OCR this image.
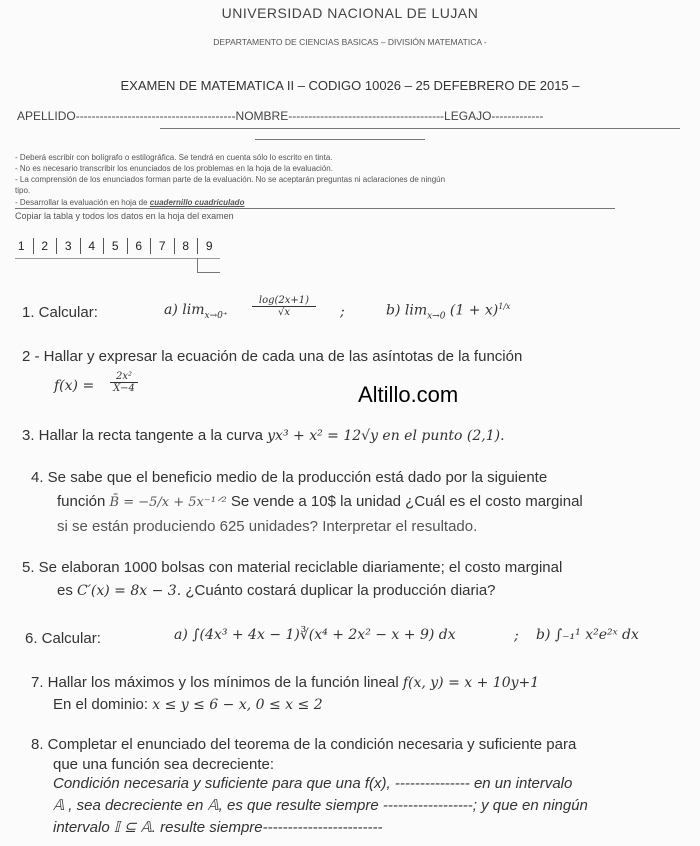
UNIVERSIDAD NACIONAL DE LUJAN
DEPARTAMENTO DE CIENCIAS BASICAS – DIVISIÓN MATEMATICA -
EXAMEN DE MATEMATICA II – CODIGO 10026 – 25 DEFEBRERO DE 2015 –
APELLIDO----------------------------------------NOMBRE---------------------------------------LEGAJO-------------
- Deberá escribir con bolígrafo o estilográfica. Se tendrá en cuenta sólo lo escrito en tinta.
- No es necesario transcribir los enunciados de los problemas en la hoja de la evaluación.
- La comprensión de los enunciados forman parte de la evaluación. No se aceptarán preguntas ni aclaraciones de ningún
tipo.
- Desarrollar la evaluación en hoja de cuadernillo cuadriculado
Copiar la tabla y todos los datos en la hoja del examen
1	2	3	4	5	6	7	8	9
1. Calcular:	a) $\lim_{x\to 0^+} \frac{\log(2x+1)}{√x}$ ;	b) $\lim_{x\to 0} (1 + x)^{1/x}$
2 - Hallar y expresar la ecuación de cada una de las asíntotas de la función
$f(x) = \frac{\text{2x²}}{X-4}$	Altillo.com
3. Hallar la recta tangente a la curva yx³ + x² = 12√y en el punto (2,1).
4. Se sabe que el beneficio medio de la producción está dado por la siguiente
función B̄ = −5/x + 5x⁻¹ᐟ² Se vende a 10$ la unidad ¿Cuál es el costo marginal
si se están produciendo 625 unidades? Interpretar el resultado.
5. Se elaboran 1000 bolsas con material reciclable diariamente; el costo marginal
es C′(x) = 8x − 3. ¿Cuánto costará duplicar la producción diaria?
6. Calcular:	a) ∫(4x³ + 4x − 1)∛(x⁴ + 2x² − x + 9) dx	; b) ∫₋₁¹ x²e²ˣ dx
7. Hallar los máximos y los mínimos de la función lineal f(x, y) = x + 10y+1
En el dominio: x ≤ y ≤ 6 − x, 0 ≤ x ≤ 2
8. Completar el enunciado del teorema de la condición necesaria y suficiente para
que una función sea decreciente:
Condición necesaria y suficiente para que una f(x), --------------- en un intervalo
𝔸 , sea decreciente en 𝔸, es que resulte siempre ------------------; y que en ningún
intervalo 𝕀 ⊆ 𝔸. resulte siempre------------------------
